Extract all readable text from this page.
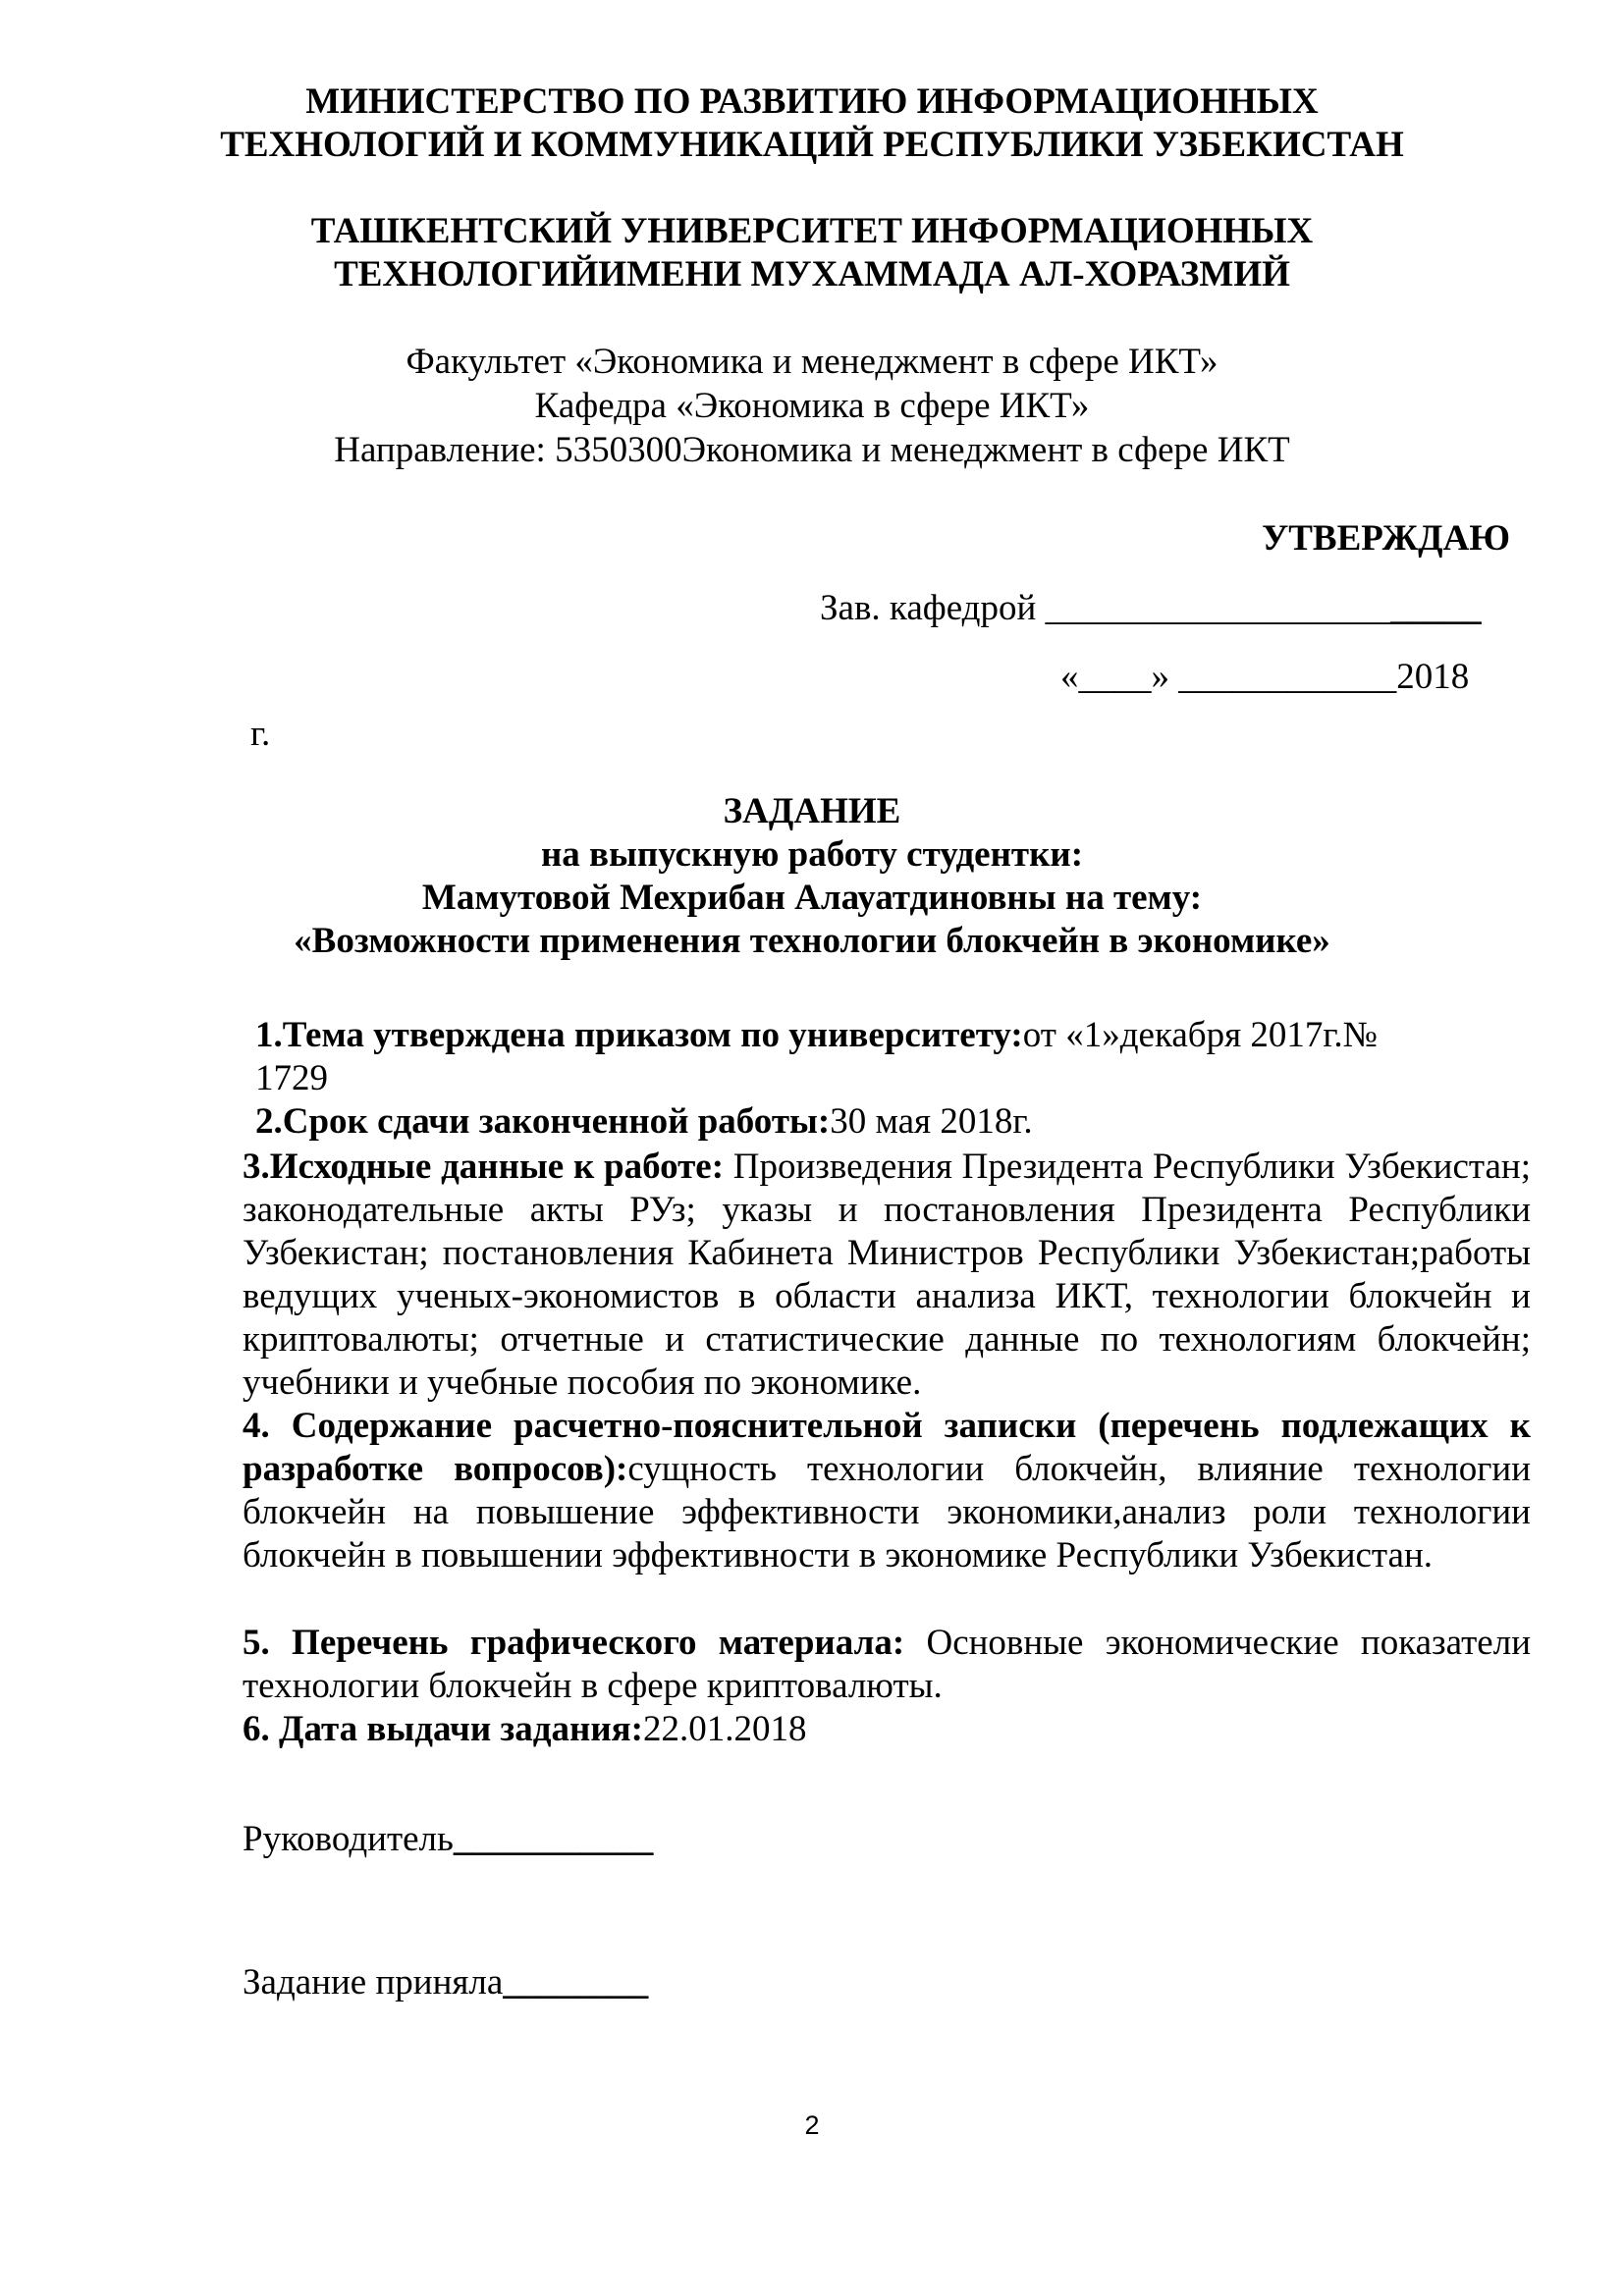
МИНИСТЕРСТВО ПО РАЗВИТИЮ ИНФОРМАЦИОННЫХ
ТЕХНОЛОГИЙ И КОММУНИКАЦИЙ РЕСПУБЛИКИ УЗБЕКИСТАН
ТАШКЕНТСКИЙ УНИВЕРСИТЕТ ИНФОРМАЦИОННЫХ
ТЕХНОЛОГИЙИМЕНИ МУХАММАДА АЛ-ХОРАЗМИЙ
Факультет «Экономика и менеджмент в сфере ИКТ»
Кафедра «Экономика в сфере ИКТ»
Направление: 5350300Экономика и менеджмент в сфере ИКТ
УТВЕРЖДАЮ
Зав. кафедрой ________________________
«____» ____________2018
г.
ЗАДАНИЕ
на выпускную работу студентки:
Мамутовой Мехрибан Алауатдиновны на тему:
«Возможности применения технологии блокчейн в экономике»
1.Тема утверждена приказом по университету:от «1»декабря 2017г.№
1729
2.Срок сдачи законченной работы:30 мая 2018г.
3.Исходные данные к работе: Произведения Президента Республики Узбекистан; законодательные акты РУз; указы и постановления Президента Республики Узбекистан; постановления Кабинета Министров Республики Узбекистан;работы ведущих ученых-экономистов в области анализа ИКТ, технологии блокчейн и криптовалюты; отчетные и статистические данные по технологиям блокчейн; учебники и учебные пособия по экономике.
4. Содержание расчетно-пояснительной записки (перечень подлежащих к разработке вопросов):сущность технологии блокчейн, влияние технологии блокчейн на повышение эффективности экономики,анализ роли технологии блокчейн в повышении эффективности в экономике Республики Узбекистан.
5. Перечень графического материала: Основные экономические показатели технологии блокчейн в сфере криптовалюты.
6. Дата выдачи задания:22.01.2018
Руководитель___________
Задание приняла________
2
